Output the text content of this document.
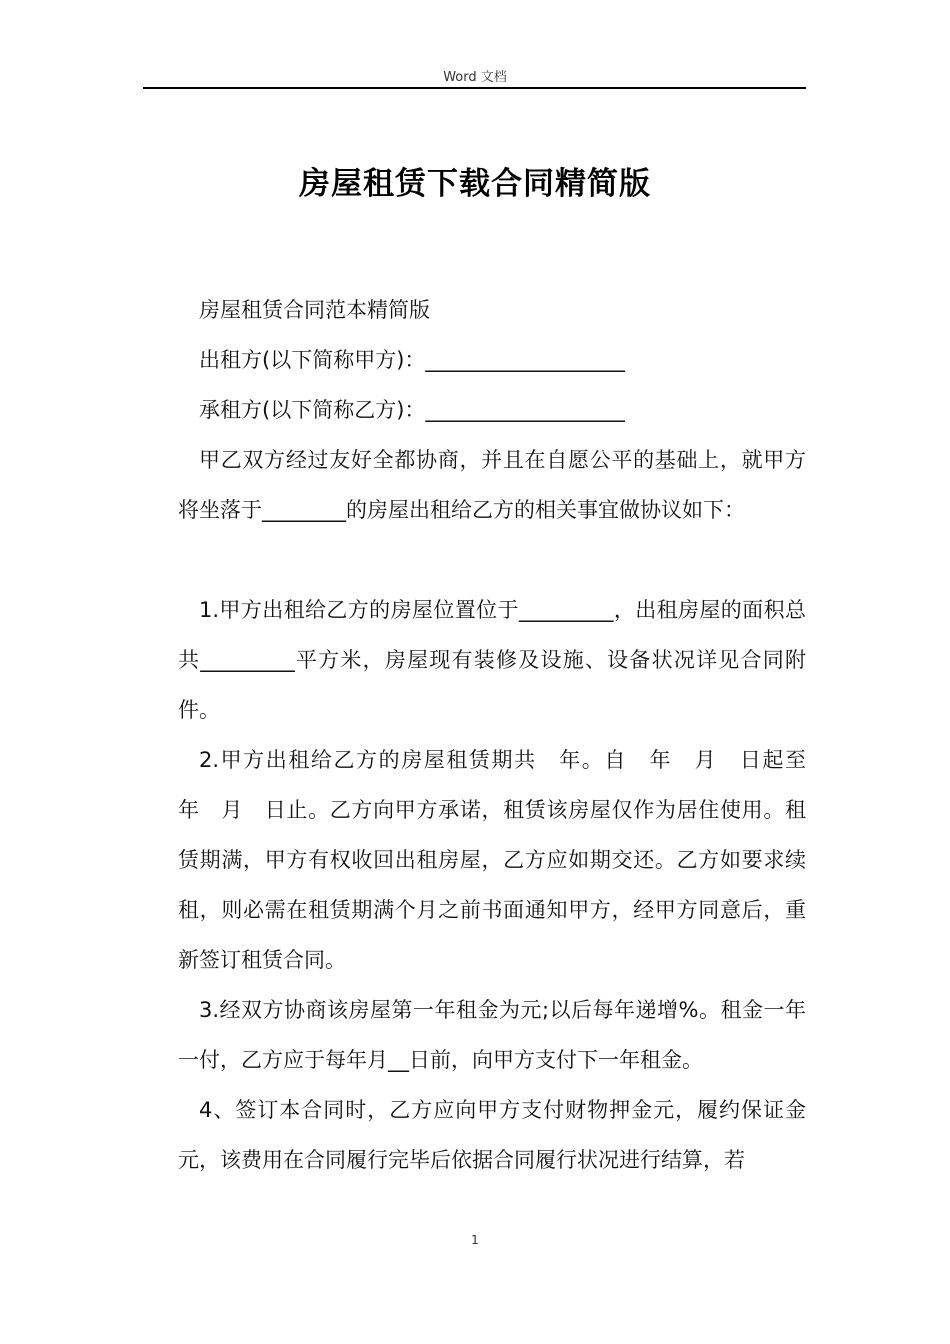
Word 文档
房屋租赁下载合同精简版

房屋租赁合同范本精简版

出租方(以下简称甲方)：___________________

承租方(以下简称乙方)：___________________

甲乙双方经过友好全都协商，并且在自愿公平的基础上，就甲方将坐落于________的房屋出租给乙方的相关事宜做协议如下：

1.甲方出租给乙方的房屋位置位于_________，出租房屋的面积总共_________平方米，房屋现有装修及设施、设备状况详见合同附件。

2.甲方出租给乙方的房屋租赁期共　年。自　年　月　日起至　年　月　日止。乙方向甲方承诺，租赁该房屋仅作为居住使用。租赁期满，甲方有权收回出租房屋，乙方应如期交还。乙方如要求续租，则必需在租赁期满个月之前书面通知甲方，经甲方同意后，重新签订租赁合同。

3.经双方协商该房屋第一年租金为元;以后每年递增%。租金一年一付，乙方应于每年月__日前，向甲方支付下一年租金。

4、签订本合同时，乙方应向甲方支付财物押金元，履约保证金元，该费用在合同履行完毕后依据合同履行状况进行结算，若

1
